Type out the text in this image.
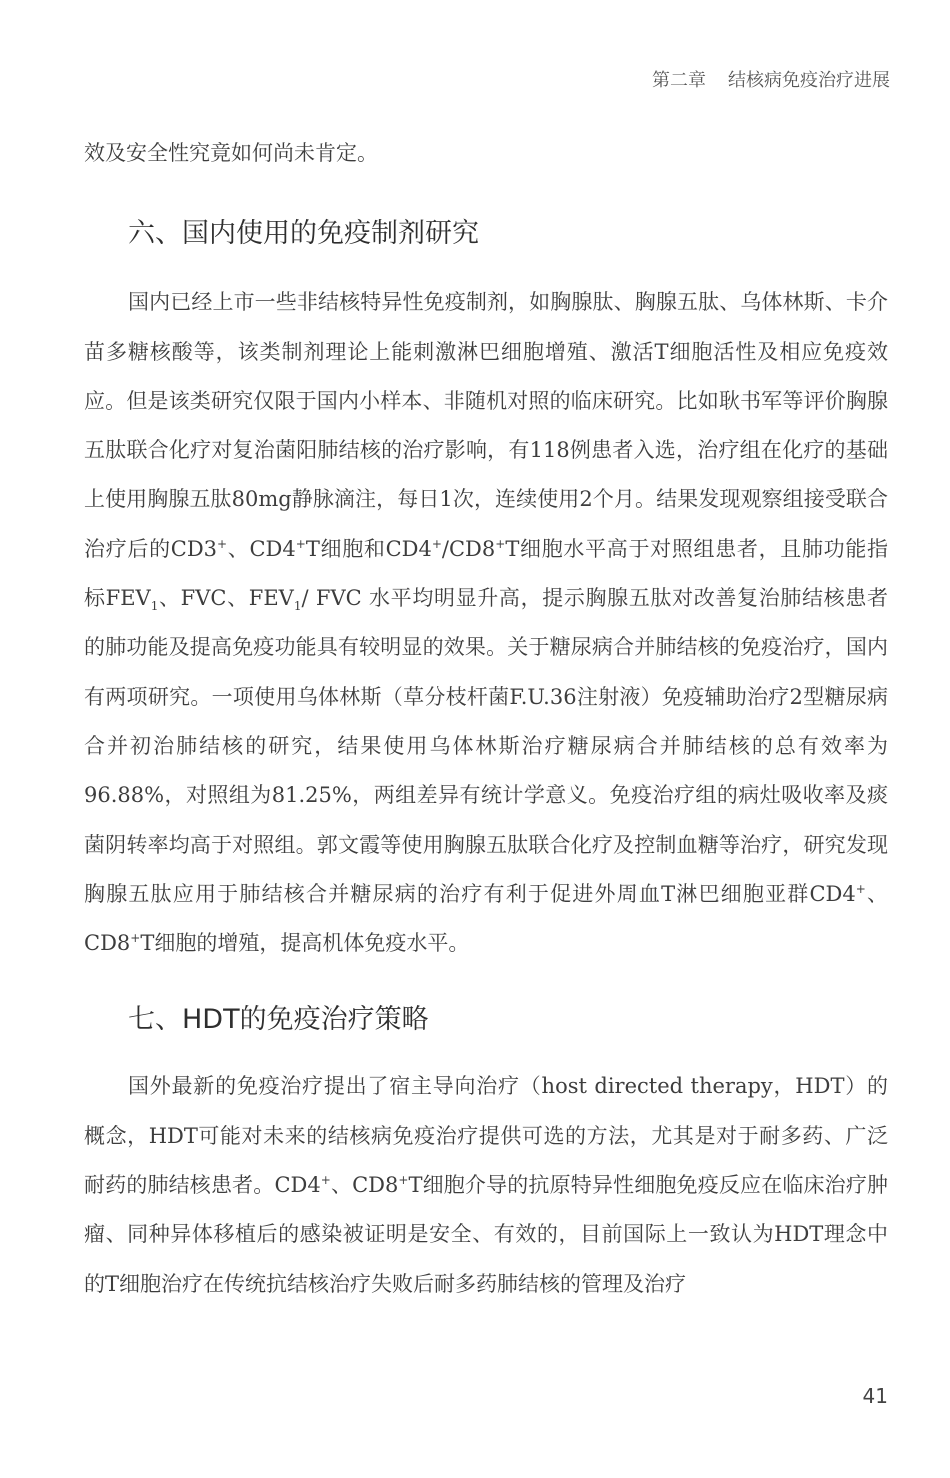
第二章 结核病免疫治疗进展

效及安全性究竟如何尚未肯定。

六、国内使用的免疫制剂研究

国内已经上市一些非结核特异性免疫制剂，如胸腺肽、胸腺五肽、乌体林斯、卡介苗多糖核酸等，该类制剂理论上能刺激淋巴细胞增殖、激活T细胞活性及相应免疫效应。但是该类研究仅限于国内小样本、非随机对照的临床研究。比如耿书军等评价胸腺五肽联合化疗对复治菌阳肺结核的治疗影响，有118例患者入选，治疗组在化疗的基础上使用胸腺五肽80mg静脉滴注，每日1次，连续使用2个月。结果发现观察组接受联合治疗后的CD3+、CD4+T细胞和CD4+/CD8+T细胞水平高于对照组患者，且肺功能指标$FEV_1$、FVC、$FEV_1/$ FVC 水平均明显升高，提示胸腺五肽对改善复治肺结核患者的肺功能及提高免疫功能具有较明显的效果。关于糖尿病合并肺结核的免疫治疗，国内有两项研究。一项使用乌体林斯（草分枝杆菌F.U.36注射液）免疫辅助治疗2型糖尿病合并初治肺结核的研究，结果使用乌体林斯治疗糖尿病合并肺结核的总有效率为96.88%，对照组为81.25%，两组差异有统计学意义。免疫治疗组的病灶吸收率及痰菌阴转率均高于对照组。郭文霞等使用胸腺五肽联合化疗及控制血糖等治疗，研究发现胸腺五肽应用于肺结核合并糖尿病的治疗有利于促进外周血T淋巴细胞亚群CD4+、CD8+T细胞的增殖，提高机体免疫水平。

七、HDT的免疫治疗策略

国外最新的免疫治疗提出了宿主导向治疗（host directed therapy，HDT）的概念，HDT可能对未来的结核病免疫治疗提供可选的方法，尤其是对于耐多药、广泛耐药的肺结核患者。CD4+、CD8+T细胞介导的抗原特异性细胞免疫反应在临床治疗肿瘤、同种异体移植后的感染被证明是安全、有效的，目前国际上一致认为HDT理念中的T细胞治疗在传统抗结核治疗失败后耐多药肺结核的管理及治疗

41
